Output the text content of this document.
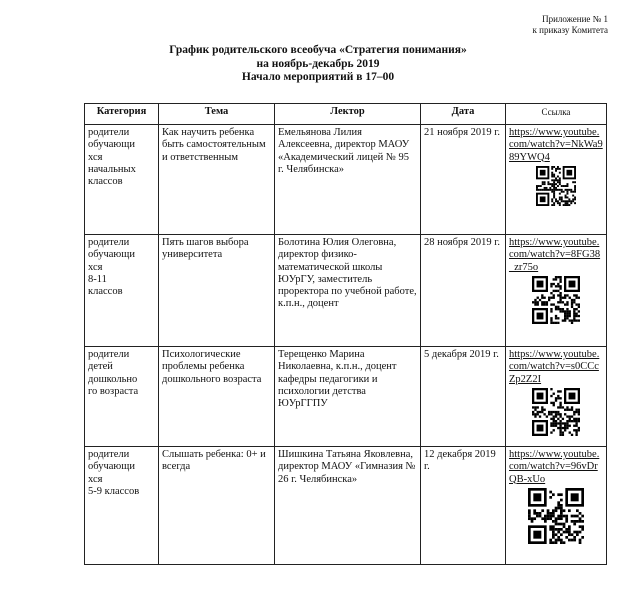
Приложение № 1
к приказу Комитета
График родительского всеобуча «Стратегия понимания»
на ноябрь-декабрь 2019
Начало мероприятий в 17–00
Категория	Тема	Лектор	Дата	Ссылка

родители
обучающи
хся
начальных
классов	Как научить ребенка быть самостоятельным и ответственным	Емельянова Лилия Алексеевна, директор МАОУ «Академический лицей № 95 г. Челябинска»	21 ноября 2019 г.	https://www.youtube.com/watch?v=NkWa989YWQ4

родители
обучающи
хся
8-11
классов	Пять шагов выбора университета	Болотина Юлия Олеговна, директор физико-математической школы ЮУрГУ, заместитель проректора по учебной работе, к.п.н., доцент	28 ноября 2019 г.	https://www.youtube.com/watch?v=8FG38_zr75o

родители
детей
дошкольно
го возраста	Психологические проблемы ребенка дошкольного возраста	Терещенко Марина Николаевна, к.п.н., доцент кафедры педагогики и психологии детства ЮУрГГПУ	5 декабря 2019 г.	https://www.youtube.com/watch?v=s0CCcZp2Z2I

родители
обучающи
хся
5-9 классов	Слышать ребенка: 0+ и всегда	Шишкина Татьяна Яковлевна, директор МАОУ «Гимназия № 26 г. Челябинска»	12 декабря 2019 г.	https://www.youtube.com/watch?v=96vDrQB-xUo
